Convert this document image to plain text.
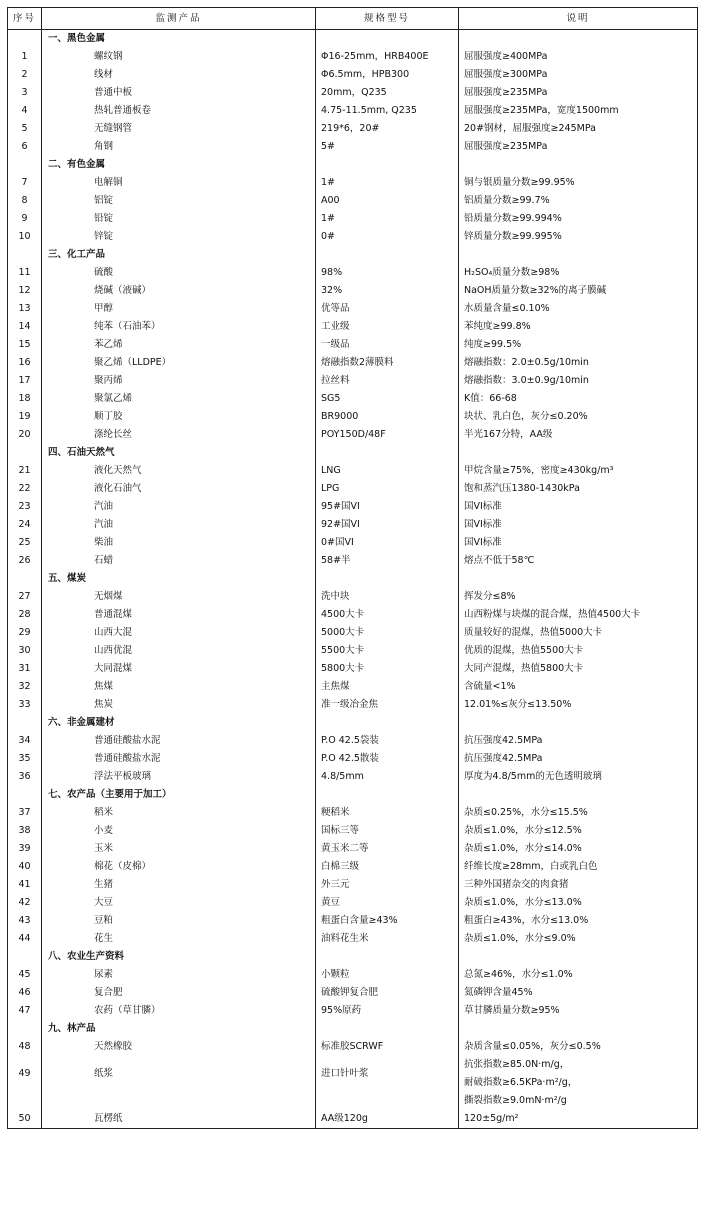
序号	监测产品	规格型号	说明
	一、黑色金属		
1	螺纹钢	Φ16-25mm，HRB400E	屈服强度≥400MPa
2	线材	Φ6.5mm，HPB300	屈服强度≥300MPa
3	普通中板	20mm，Q235	屈服强度≥235MPa
4	热轧普通板卷	4.75-11.5mm, Q235	屈服强度≥235MPa，宽度1500mm
5	无缝钢管	219*6，20#	20#钢材，屈服强度≥245MPa
6	角钢	5#	屈服强度≥235MPa
	二、有色金属		
7	电解铜	1#	铜与银质量分数≥99.95%
8	铝锭	A00	铝质量分数≥99.7%
9	铅锭	1#	铅质量分数≥99.994%
10	锌锭	0#	锌质量分数≥99.995%
	三、化工产品		
11	硫酸	98%	H₂SO₄质量分数≥98%
12	烧碱（液碱）	32%	NaOH质量分数≥32%的离子膜碱
13	甲醇	优等品	水质量含量≤0.10%
14	纯苯（石油苯）	工业级	苯纯度≥99.8%
15	苯乙烯	一级品	纯度≥99.5%
16	聚乙烯（LLDPE）	熔融指数2薄膜料	熔融指数：2.0±0.5g/10min
17	聚丙烯	拉丝料	熔融指数：3.0±0.9g/10min
18	聚氯乙烯	SG5	K值：66-68
19	顺丁胶	BR9000	块状、乳白色，灰分≤0.20%
20	涤纶长丝	POY150D/48F	半光167分特，AA级
	四、石油天然气		
21	液化天然气	LNG	甲烷含量≥75%，密度≥430kg/m³
22	液化石油气	LPG	饱和蒸汽压1380-1430kPa
23	汽油	95#国VI	国VI标准
24	汽油	92#国VI	国VI标准
25	柴油	0#国VI	国VI标准
26	石蜡	58#半	熔点不低于58℃
	五、煤炭		
27	无烟煤	洗中块	挥发分≤8%
28	普通混煤	4500大卡	山西粉煤与块煤的混合煤，热值4500大卡
29	山西大混	5000大卡	质量较好的混煤，热值5000大卡
30	山西优混	5500大卡	优质的混煤，热值5500大卡
31	大同混煤	5800大卡	大同产混煤，热值5800大卡
32	焦煤	主焦煤	含硫量<1%
33	焦炭	准一级冶金焦	12.01%≤灰分≤13.50%
	六、非金属建材		
34	普通硅酸盐水泥	P.O 42.5袋装	抗压强度42.5MPa
35	普通硅酸盐水泥	P.O 42.5散装	抗压强度42.5MPa
36	浮法平板玻璃	4.8/5mm	厚度为4.8/5mm的无色透明玻璃
	七、农产品（主要用于加工）		
37	稻米	粳稻米	杂质≤0.25%，水分≤15.5%
38	小麦	国标三等	杂质≤1.0%，水分≤12.5%
39	玉米	黄玉米二等	杂质≤1.0%，水分≤14.0%
40	棉花（皮棉）	白棉三级	纤维长度≥28mm，白或乳白色
41	生猪	外三元	三种外国猪杂交的肉食猪
42	大豆	黄豆	杂质≤1.0%，水分≤13.0%
43	豆粕	粗蛋白含量≥43%	粗蛋白≥43%，水分≤13.0%
44	花生	油料花生米	杂质≤1.0%，水分≤9.0%
	八、农业生产资料		
45	尿素	小颗粒	总氮≥46%，水分≤1.0%
46	复合肥	硫酸钾复合肥	氮磷钾含量45%
47	农药（草甘膦）	95%原药	草甘膦质量分数≥95%
	九、林产品		
48	天然橡胶	标准胶SCRWF	杂质含量≤0.05%，灰分≤0.5%
49	纸浆	进口针叶浆	抗张指数≥85.0N·m/g，
耐破指数≥6.5KPa·m²/g，

			撕裂指数≥9.0mN·m²/g
50	瓦楞纸	AA级120g	120±5g/m²
